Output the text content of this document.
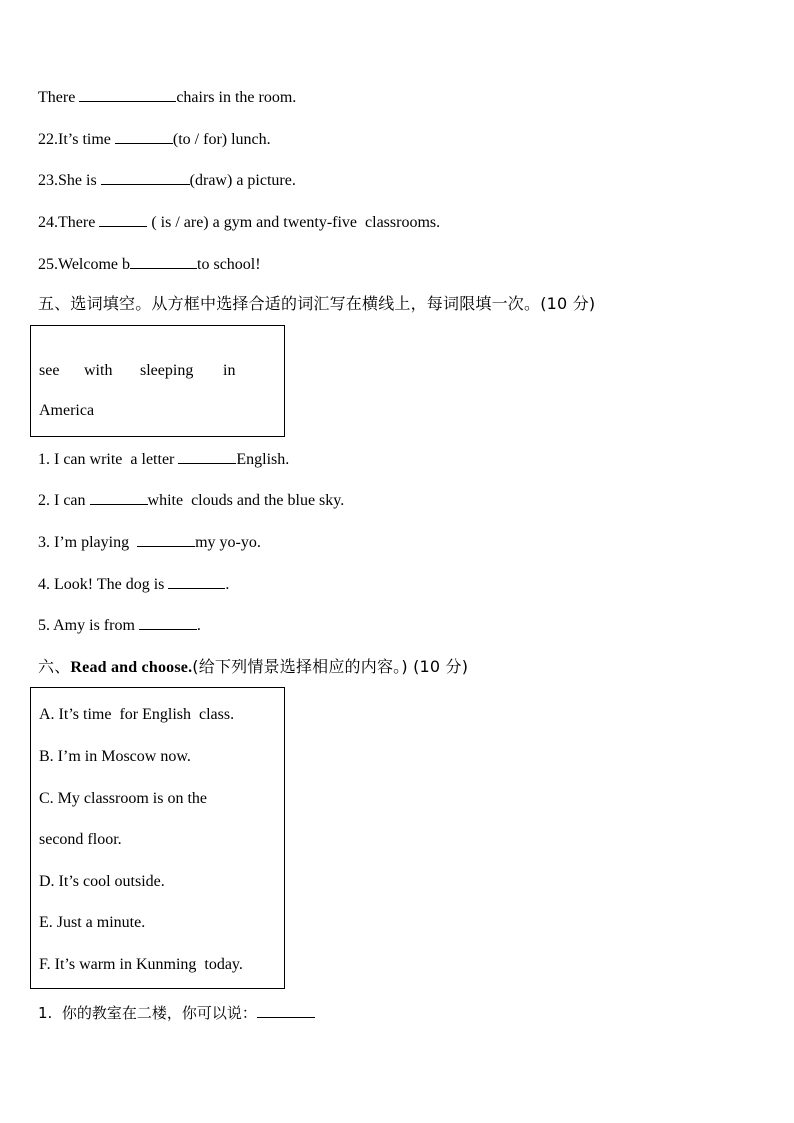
There	chairs in the room.
22.It’s time	(to / for) lunch.
23.She is	(draw) a picture.
24.There	( is / are) a gym and twenty-five  classrooms.
25.Welcome b	to school!
五、选词填空。从方框中选择合适的词汇写在横线上，每词限填一次。(10 分)
see with sleeping in
America
1. I can write  a letter	English.
2. I can	white  clouds and the blue sky.
3. I’m playing	my yo-yo.
4. Look! The dog is	.
5. Amy is from	.
六、Read and choose.(给下列情景选择相应的内容。) (10 分)
A. It’s time  for English  class.
B. I’m in Moscow now.
C. My classroom is on the
second floor.
D. It’s cool outside.
E. Just a minute.
F. It’s warm in Kunming  today.
1.  你的教室在二楼，你可以说：
